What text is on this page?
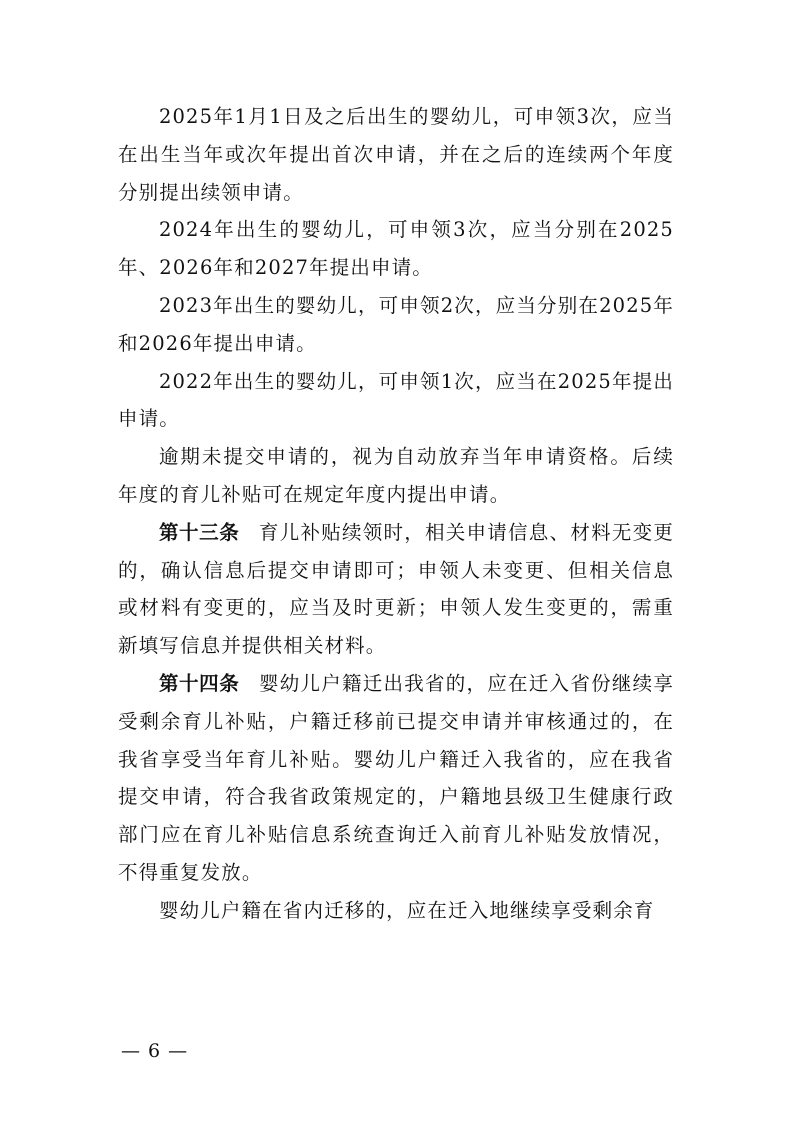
2025年1月1日及之后出生的婴幼儿，可申领3次，应当在出生当年或次年提出首次申请，并在之后的连续两个年度分别提出续领申请。

2024年出生的婴幼儿，可申领3次，应当分别在2025年、2026年和2027年提出申请。

2023年出生的婴幼儿，可申领2次，应当分别在2025年和2026年提出申请。

2022年出生的婴幼儿，可申领1次，应当在2025年提出申请。

逾期未提交申请的，视为自动放弃当年申请资格。后续年度的育儿补贴可在规定年度内提出申请。

第十三条 育儿补贴续领时，相关申请信息、材料无变更的，确认信息后提交申请即可；申领人未变更、但相关信息或材料有变更的，应当及时更新；申领人发生变更的，需重新填写信息并提供相关材料。

第十四条 婴幼儿户籍迁出我省的，应在迁入省份继续享受剩余育儿补贴，户籍迁移前已提交申请并审核通过的，在我省享受当年育儿补贴。婴幼儿户籍迁入我省的，应在我省提交申请，符合我省政策规定的，户籍地县级卫生健康行政部门应在育儿补贴信息系统查询迁入前育儿补贴发放情况，不得重复发放。

婴幼儿户籍在省内迁移的，应在迁入地继续享受剩余育

— 6 —
